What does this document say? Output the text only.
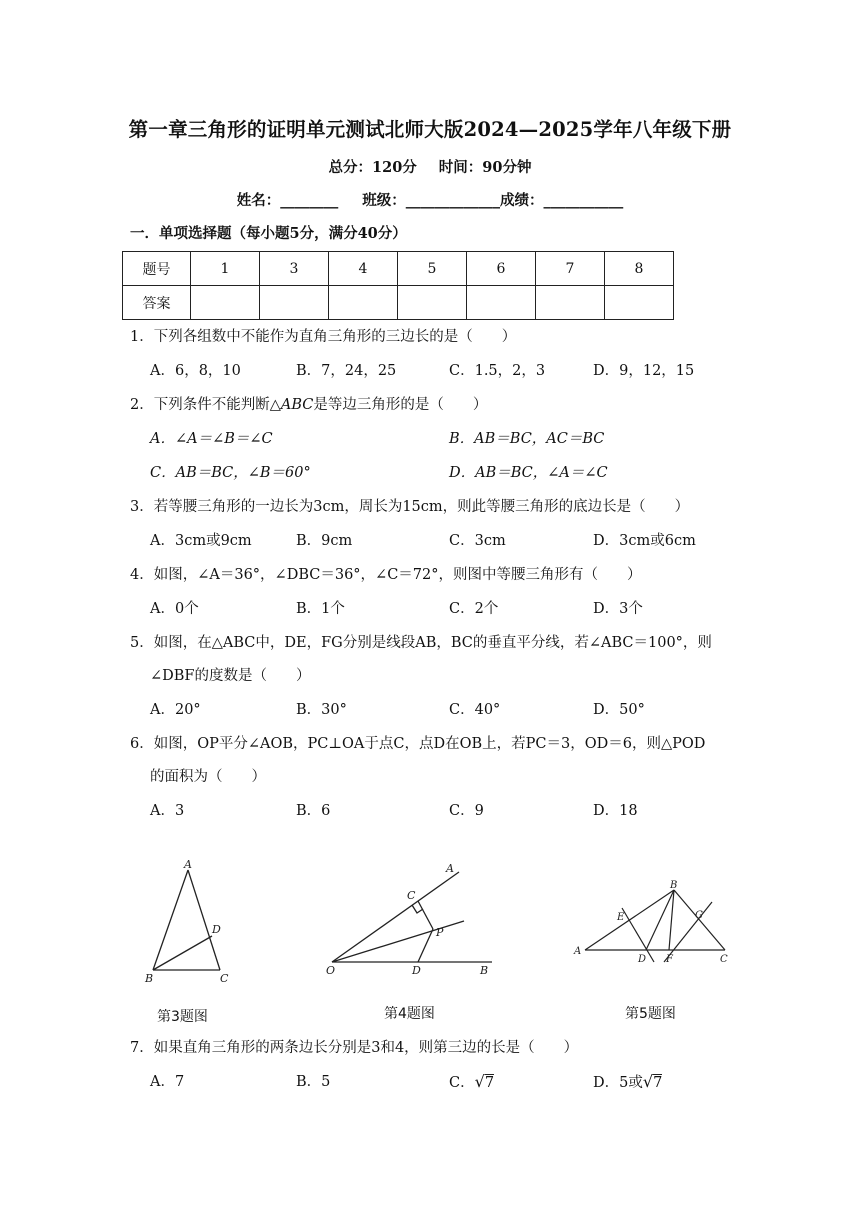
第一章三角形的证明单元测试北师大版2024—2025学年八年级下册
总分：120分 时间：90分钟
姓名：________ 班级：_____________成绩：___________
一．单项选择题（每小题5分，满分40分）
题号	1	3	4	5	6	7	8
答案							
1．下列各组数中不能作为直角三角形的三边长的是（　　）
A．6，8，10	B．7，24，25	C．1.5，2，3	D．9，12，15
2．下列条件不能判断△ABC是等边三角形的是（　　）
A．∠A＝∠B＝∠C	B．AB＝BC，AC＝BC
C．AB＝BC，∠B＝60°	D．AB＝BC，∠A＝∠C
3．若等腰三角形的一边长为3cm，周长为15cm，则此等腰三角形的底边长是（　　）
A．3cm或9cm	B．9cm	C．3cm	D．3cm或6cm
4．如图，∠A＝36°，∠DBC＝36°，∠C＝72°，则图中等腰三角形有（　　）
A．0个	B．1个	C．2个	D．3个
5．如图，在△ABC中，DE，FG分别是线段AB，BC的垂直平分线，若∠ABC＝100°，则
∠DBF的度数是（　　）
A．20°	B．30°	C．40°	D．50°
6．如图，OP平分∠AOB，PC⊥OA于点C，点D在OB上，若PC＝3，OD＝6，则△POD
的面积为（　　）
A．3	B．6	C．9	D．18
A
D
B	C
第3题图
A
C
P
O	D	B
第4题图
B
E	G
A
D F	C
第5题图
7．如果直角三角形的两条边长分别是3和4，则第三边的长是（　　）
A．7	B．5	C．√7	D．5或√7
